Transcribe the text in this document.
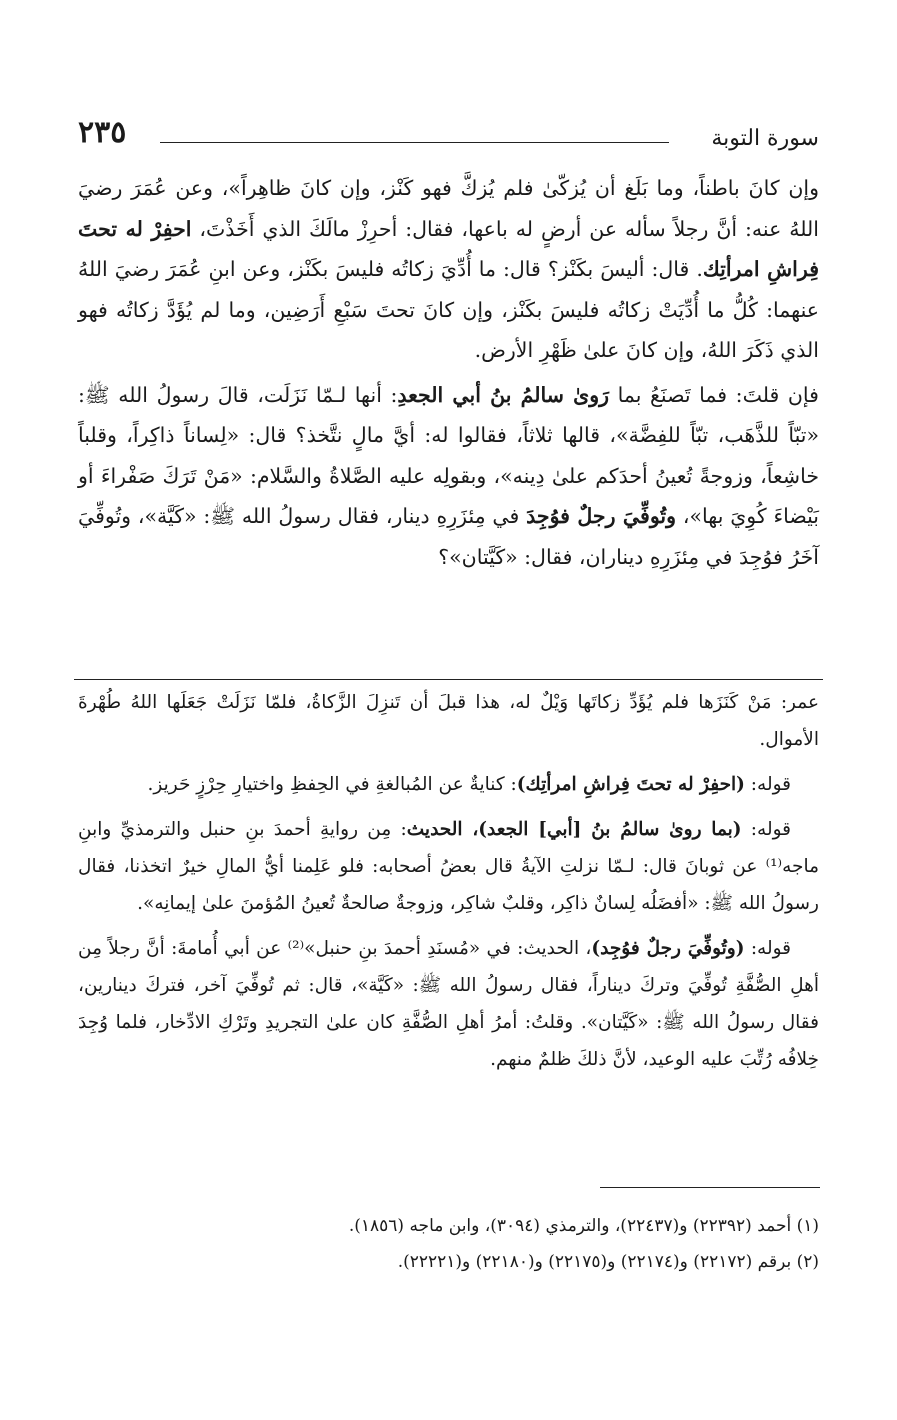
سورة التوبة
٢٣٥

وإن كانَ باطناً، وما بَلَغ أن يُزكّىٰ فلم يُزكَّ فهو كَنْز، وإن كانَ ظاهِراً»، وعن عُمَرَ رضيَ اللهُ عنه: أنَّ رجلاً سأله عن أرضٍ له باعها، فقال: أحرِزْ مالَكَ الذي أَخَذْتَ، احفِرْ له تحتَ فِراشِ امرأتِك. قال: أليسَ بكَنْز؟ قال: ما أُدِّيَ زكاتُه فليسَ بكَنْز، وعن ابنِ عُمَرَ رضيَ اللهُ عنهما: كُلُّ ما أُدِّيَتْ زكاتُه فليسَ بكَنْز، وإن كانَ تحتَ سَبْعِ أَرَضِين، وما لم يُؤَدَّ زكاتُه فهو الذي ذَكَرَ اللهُ، وإن كانَ علىٰ ظَهْرِ الأرض.

فإن قلتَ: فما تَصنَعُ بما رَوىٰ سالمُ بنُ أبي الجعدِ: أنها لـمّا نَزَلَت، قالَ رسولُ الله ﷺ: «تبّاً للذَّهَب، تبّاً للفِضَّة»، قالها ثلاثاً، فقالوا له: أيَّ مالٍ نتَّخذ؟ قال: «لِساناً ذاكِراً، وقلباً خاشِعاً، وزوجةً تُعينُ أحدَكم علىٰ دِينه»، وبقولِه عليه الصَّلاةُ والسَّلام: «مَنْ تَرَكَ صَفْراءَ أو بَيْضاءَ كُوِيَ بها»، وتُوفِّيَ رجلٌ فوُجِدَ في مِئزَرِهِ دينار، فقال رسولُ الله ﷺ: «كَيَّة»، وتُوفِّيَ آخَرُ فوُجِدَ في مِئزَرِهِ ديناران، فقال: «كَيَّتان»؟

عمر: مَنْ كَنَزَها فلم يُؤَدِّ زكاتَها وَيْلٌ له، هذا قبلَ أن تَنزِلَ الزَّكاةُ، فلمّا نَزَلَتْ جَعَلَها اللهُ طُهْرةَ الأموال.

قوله: (احفِرْ له تحتَ فِراشِ امرأتِك): كنايةٌ عن المُبالغةِ في الحِفظِ واختيارِ حِرْزٍ حَريز.

قوله: (بما روىٰ سالمُ بنُ [أبي] الجعد)، الحديث: مِن روايةِ أحمدَ بنِ حنبل والترمذيِّ وابنِ ماجه⁽¹⁾ عن ثوبانَ قال: لـمّا نزلتِ الآيةُ قال بعضُ أصحابه: فلو عَلِمنا أيُّ المالِ خيرٌ اتخذنا، فقال رسولُ الله ﷺ: «أفضَلُه لِسانٌ ذاكِر، وقلبٌ شاكِر، وزوجةٌ صالحةٌ تُعينُ المُؤمنَ علىٰ إيمانِه».

قوله: (وتُوفِّيَ رجلٌ فوُجِد)، الحديث: في «مُسنَدِ أحمدَ بنِ حنبل»⁽²⁾ عن أبي أُمامةَ: أنَّ رجلاً مِن أهلِ الصُّفَّةِ تُوفِّيَ وتركَ ديناراً، فقال رسولُ الله ﷺ: «كَيَّة»، قال: ثم تُوفِّيَ آخر، فتركَ دينارين، فقال رسولُ الله ﷺ: «كَيَّتان». وقلتُ: أمرُ أهلِ الصُّفَّةِ كان علىٰ التجريدِ وتَرْكِ الادِّخار، فلما وُجِدَ خِلافُه رُتِّبَ عليه الوعيد، لأنَّ ذلكَ ظلمٌ منهم.

(١) أحمد (٢٢٣٩٢) و(٢٢٤٣٧)، والترمذي (٣٠٩٤)، وابن ماجه (١٨٥٦).

(٢) برقم (٢٢١٧٢) و(٢٢١٧٤) و(٢٢١٧٥) و(٢٢١٨٠) و(٢٢٢٢١).
